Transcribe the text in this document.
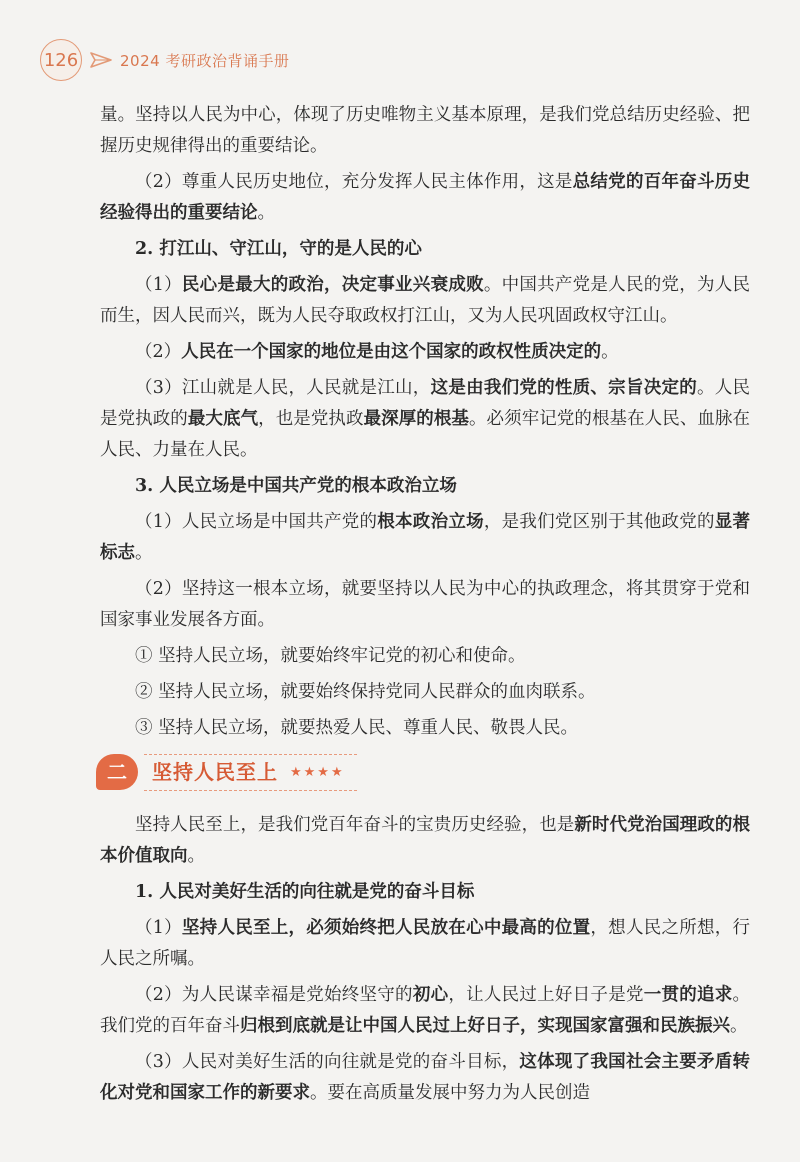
126	2024 考研政治背诵手册

量。坚持以人民为中心，体现了历史唯物主义基本原理，是我们党总结历史经验、把握历史规律得出的重要结论。

（2）尊重人民历史地位，充分发挥人民主体作用，这是总结党的百年奋斗历史经验得出的重要结论。

2. 打江山、守江山，守的是人民的心

（1）民心是最大的政治，决定事业兴衰成败。中国共产党是人民的党，为人民而生，因人民而兴，既为人民夺取政权打江山，又为人民巩固政权守江山。

（2）人民在一个国家的地位是由这个国家的政权性质决定的。

（3）江山就是人民，人民就是江山，这是由我们党的性质、宗旨决定的。人民是党执政的最大底气，也是党执政最深厚的根基。必须牢记党的根基在人民、血脉在人民、力量在人民。

3. 人民立场是中国共产党的根本政治立场

（1）人民立场是中国共产党的根本政治立场，是我们党区别于其他政党的显著标志。

（2）坚持这一根本立场，就要坚持以人民为中心的执政理念，将其贯穿于党和国家事业发展各方面。

① 坚持人民立场，就要始终牢记党的初心和使命。

② 坚持人民立场，就要始终保持党同人民群众的血肉联系。

③ 坚持人民立场，就要热爱人民、尊重人民、敬畏人民。

二	坚持人民至上 ★★★★

坚持人民至上，是我们党百年奋斗的宝贵历史经验，也是新时代党治国理政的根本价值取向。

1. 人民对美好生活的向往就是党的奋斗目标

（1）坚持人民至上，必须始终把人民放在心中最高的位置，想人民之所想，行人民之所嘱。

（2）为人民谋幸福是党始终坚守的初心，让人民过上好日子是党一贯的追求。我们党的百年奋斗归根到底就是让中国人民过上好日子，实现国家富强和民族振兴。

（3）人民对美好生活的向往就是党的奋斗目标，这体现了我国社会主要矛盾转化对党和国家工作的新要求。要在高质量发展中努力为人民创造
